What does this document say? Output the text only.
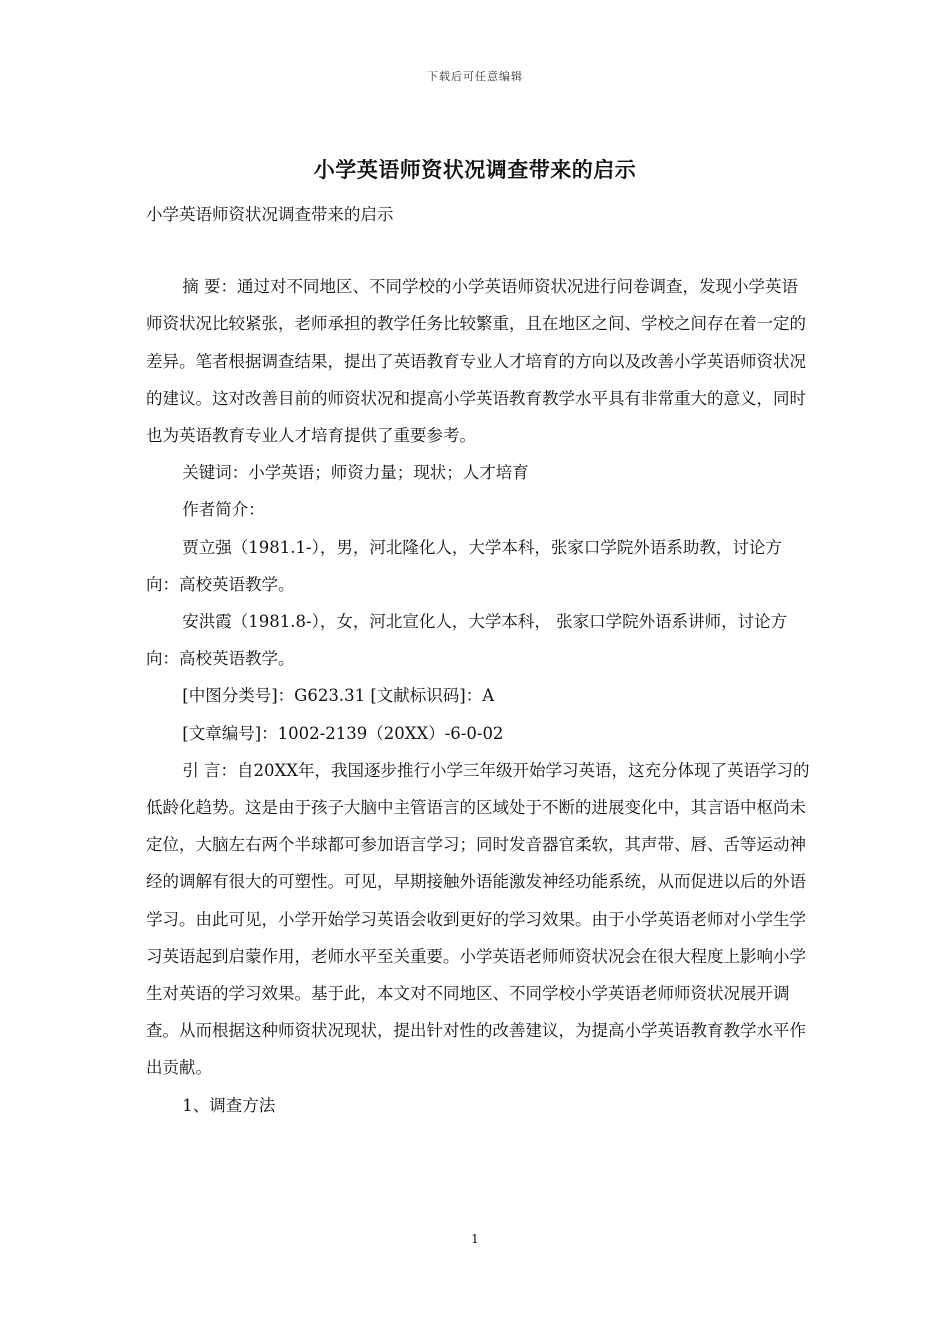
下载后可任意编辑
小学英语师资状况调查带来的启示

小学英语师资状况调查带来的启示

摘 要：通过对不同地区、不同学校的小学英语师资状况进行问卷调查，发现小学英语师资状况比较紧张，老师承担的教学任务比较繁重，且在地区之间、学校之间存在着一定的差异。笔者根据调查结果，提出了英语教育专业人才培育的方向以及改善小学英语师资状况的建议。这对改善目前的师资状况和提高小学英语教育教学水平具有非常重大的意义，同时也为英语教育专业人才培育提供了重要参考。

关键词：小学英语；师资力量；现状；人才培育

作者简介：

贾立强（1981.1-），男，河北隆化人，大学本科，张家口学院外语系助教，讨论方向：高校英语教学。

安洪霞（1981.8-），女，河北宣化人，大学本科， 张家口学院外语系讲师，讨论方向：高校英语教学。

[中图分类号]：G623.31 [文献标识码]：A

[文章编号]：1002-2139（20XX）-6-0-02

引 言：自20XX年，我国逐步推行小学三年级开始学习英语，这充分体现了英语学习的低龄化趋势。这是由于孩子大脑中主管语言的区域处于不断的进展变化中，其言语中枢尚未定位，大脑左右两个半球都可参加语言学习；同时发音器官柔软，其声带、唇、舌等运动神经的调解有很大的可塑性。可见，早期接触外语能激发神经功能系统，从而促进以后的外语学习。由此可见，小学开始学习英语会收到更好的学习效果。由于小学英语老师对小学生学习英语起到启蒙作用，老师水平至关重要。小学英语老师师资状况会在很大程度上影响小学生对英语的学习效果。基于此，本文对不同地区、不同学校小学英语老师师资状况展开调查。从而根据这种师资状况现状，提出针对性的改善建议，为提高小学英语教育教学水平作出贡献。

1、调查方法

1
